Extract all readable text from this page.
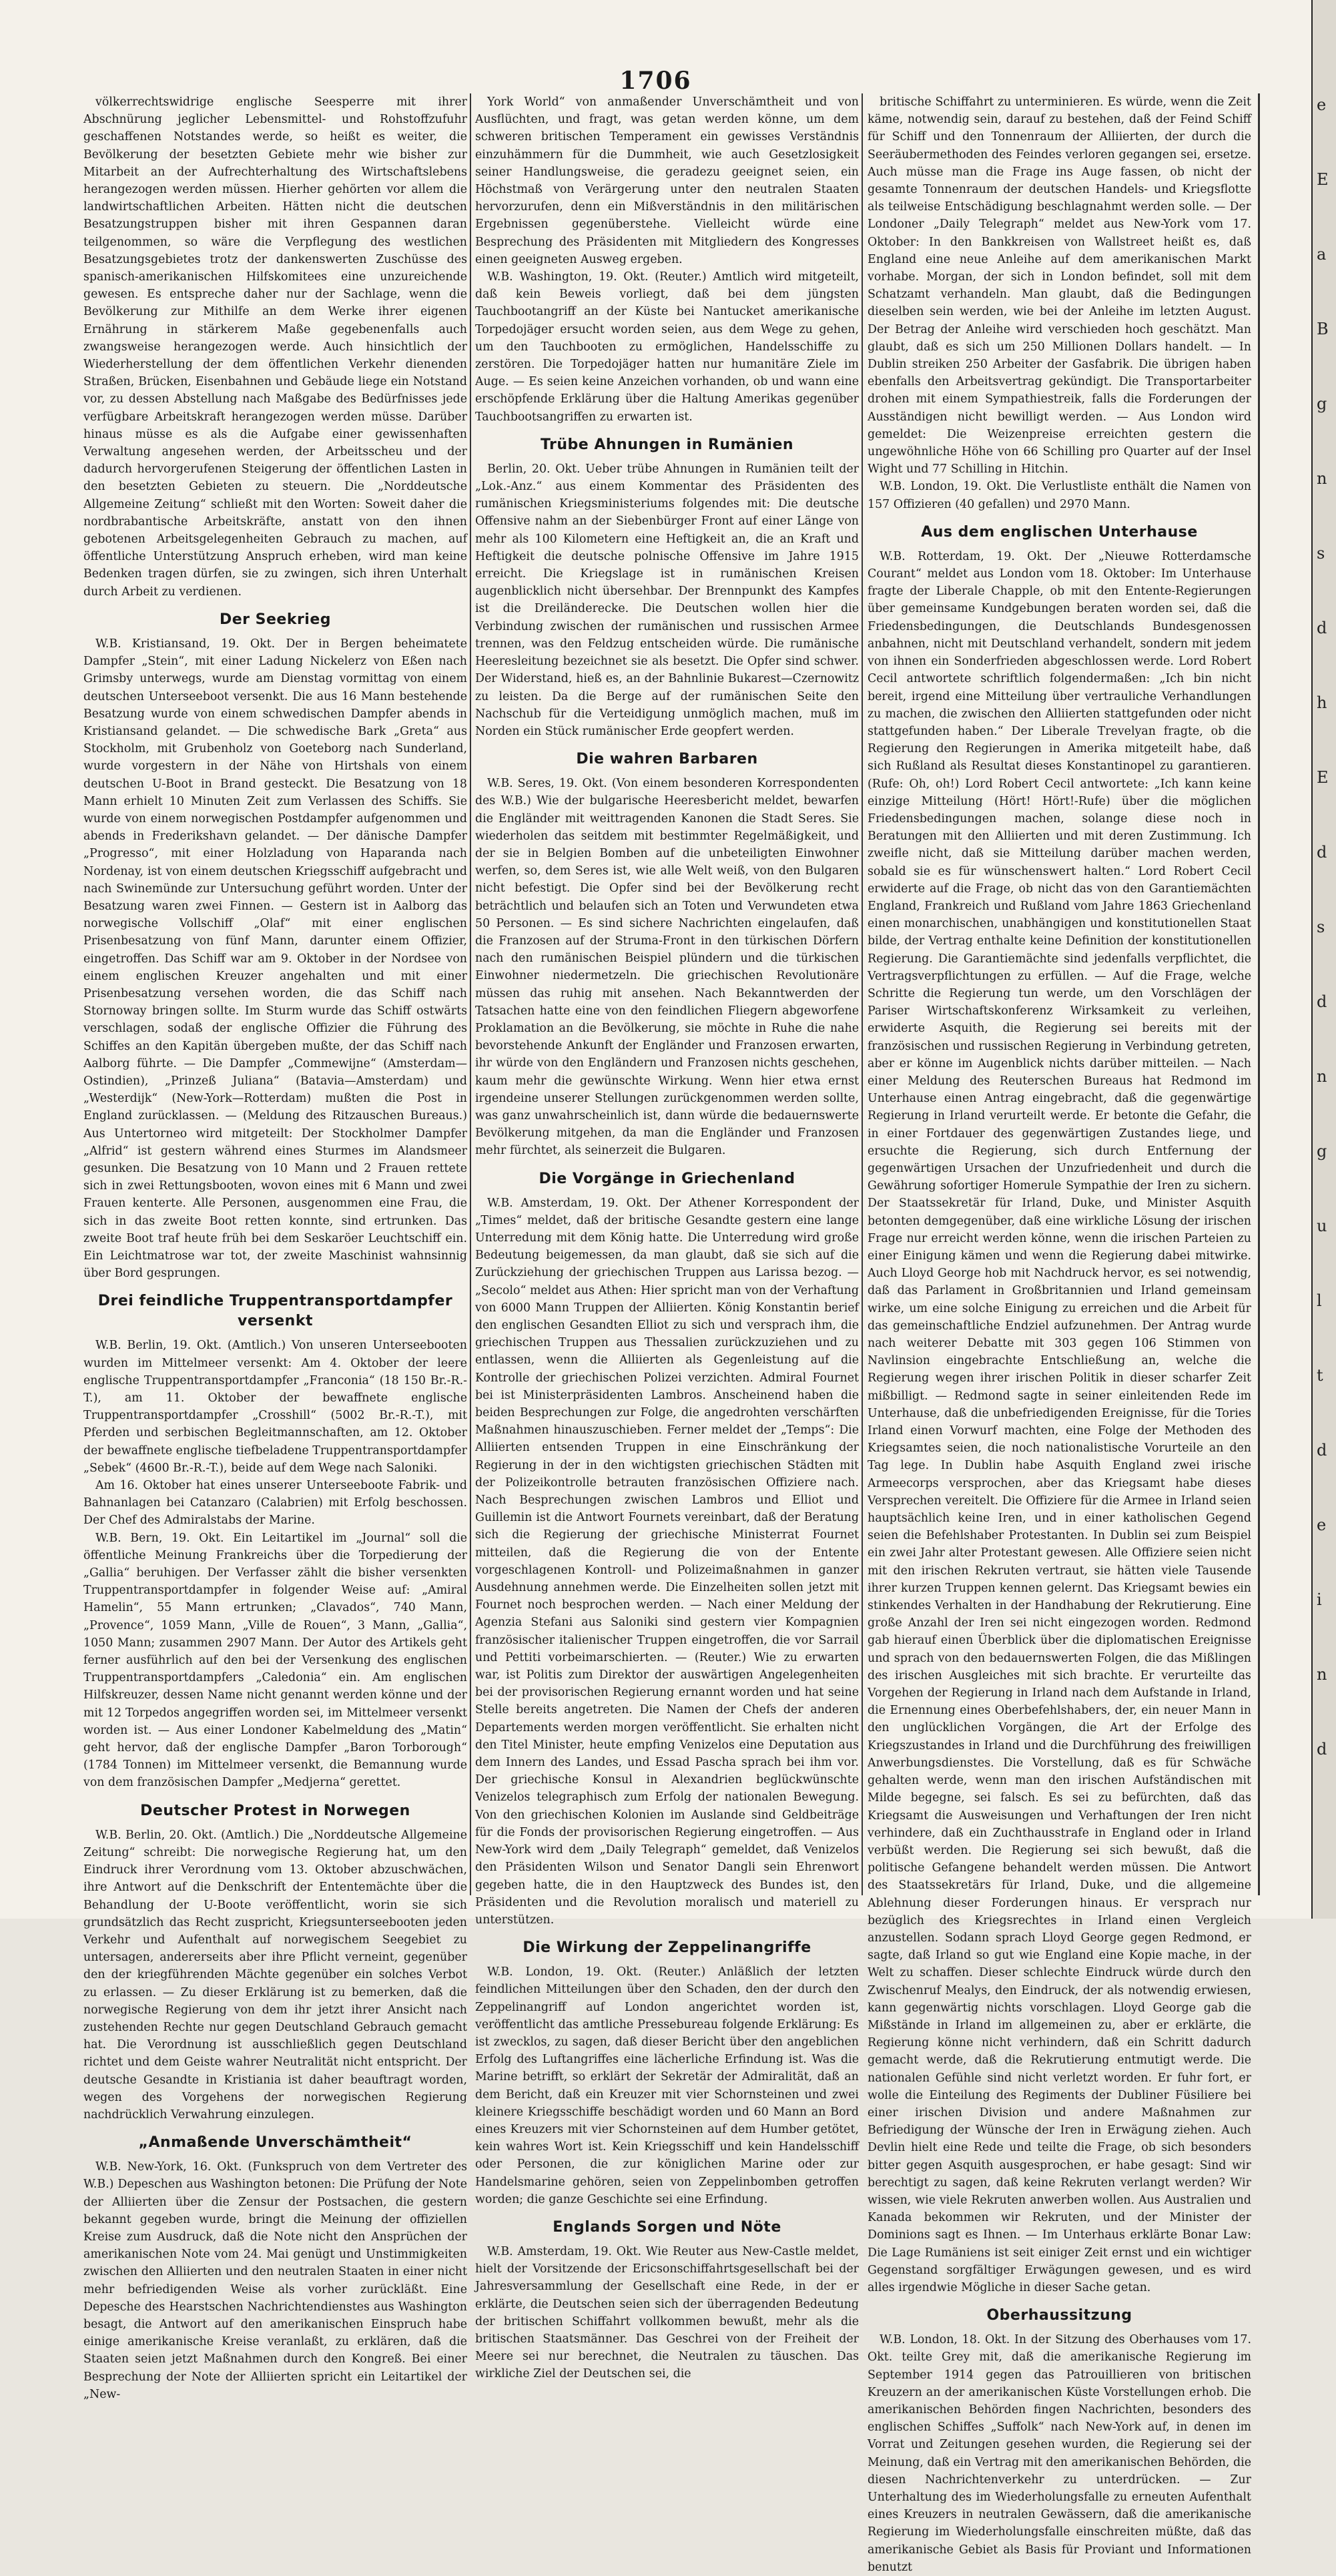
1706

völkerrechtswidrige englische Seesperre mit ihrer Abschnürung jeglicher Lebensmittel- und Rohstoffzufuhr geschaffenen Notstandes werde, so heißt es weiter, die Bevölkerung der besetzten Gebiete mehr wie bisher zur Mitarbeit an der Aufrechterhaltung des Wirtschaftslebens herangezogen werden müssen. Hierher gehörten vor allem die landwirtschaftlichen Arbeiten. Hätten nicht die deutschen Besatzungstruppen bisher mit ihren Gespannen daran teilgenommen, so wäre die Verpflegung des westlichen Besatzungsgebietes trotz der dankenswerten Zuschüsse des spanisch-amerikanischen Hilfskomitees eine unzureichende gewesen. Es entspreche daher nur der Sachlage, wenn die Bevölkerung zur Mithilfe an dem Werke ihrer eigenen Ernährung in stärkerem Maße gegebenenfalls auch zwangsweise herangezogen werde. Auch hinsichtlich der Wiederherstellung der dem öffentlichen Verkehr dienenden Straßen, Brücken, Eisenbahnen und Gebäude liege ein Notstand vor, zu dessen Abstellung nach Maßgabe des Bedürfnisses jede verfügbare Arbeitskraft herangezogen werden müsse. Darüber hinaus müsse es als die Aufgabe einer gewissenhaften Verwaltung angesehen werden, der Arbeitsscheu und der dadurch hervorgerufenen Steigerung der öffentlichen Lasten in den besetzten Gebieten zu steuern. Die „Norddeutsche Allgemeine Zeitung“ schließt mit den Worten: Soweit daher die nordbrabantische Arbeitskräfte, anstatt von den ihnen gebotenen Arbeitsgelegenheiten Gebrauch zu machen, auf öffentliche Unterstützung Anspruch erheben, wird man keine Bedenken tragen dürfen, sie zu zwingen, sich ihren Unterhalt durch Arbeit zu verdienen.

Der Seekrieg

W.B. Kristiansand, 19. Okt. Der in Bergen beheimatete Dampfer „Stein“, mit einer Ladung Nickelerz von Eßen nach Grimsby unterwegs, wurde am Dienstag vormittag von einem deutschen Unterseeboot versenkt. Die aus 16 Mann bestehende Besatzung wurde von einem schwedischen Dampfer abends in Kristiansand gelandet. — Die schwedische Bark „Greta“ aus Stockholm, mit Grubenholz von Goeteborg nach Sunderland, wurde vorgestern in der Nähe von Hirtshals von einem deutschen U-Boot in Brand gesteckt. Die Besatzung von 18 Mann erhielt 10 Minuten Zeit zum Verlassen des Schiffs. Sie wurde von einem norwegischen Postdampfer aufgenommen und abends in Frederikshavn gelandet. — Der dänische Dampfer „Progresso“, mit einer Holzladung von Haparanda nach Nordenay, ist von einem deutschen Kriegsschiff aufgebracht und nach Swinemünde zur Untersuchung geführt worden. Unter der Besatzung waren zwei Finnen. — Gestern ist in Aalborg das norwegische Vollschiff „Olaf“ mit einer englischen Prisenbesatzung von fünf Mann, darunter einem Offizier, eingetroffen. Das Schiff war am 9. Oktober in der Nordsee von einem englischen Kreuzer angehalten und mit einer Prisenbesatzung versehen worden, die das Schiff nach Stornoway bringen sollte. Im Sturm wurde das Schiff ostwärts verschlagen, sodaß der englische Offizier die Führung des Schiffes an den Kapitän übergeben mußte, der das Schiff nach Aalborg führte. — Die Dampfer „Commewijne“ (Amsterdam—Ostindien), „Prinzeß Juliana“ (Batavia—Amsterdam) und „Westerdijk“ (New-York—Rotterdam) mußten die Post in England zurücklassen. — (Meldung des Ritzauschen Bureaus.) Aus Untertorneo wird mitgeteilt: Der Stockholmer Dampfer „Alfrid“ ist gestern während eines Sturmes im Alandsmeer gesunken. Die Besatzung von 10 Mann und 2 Frauen rettete sich in zwei Rettungsbooten, wovon eines mit 6 Mann und zwei Frauen kenterte. Alle Personen, ausgenommen eine Frau, die sich in das zweite Boot retten konnte, sind ertrunken. Das zweite Boot traf heute früh bei dem Seskaröer Leuchtschiff ein. Ein Leichtmatrose war tot, der zweite Maschinist wahnsinnig über Bord gesprungen.

Drei feindliche Truppentransportdampfer versenkt

W.B. Berlin, 19. Okt. (Amtlich.) Von unseren Unterseebooten wurden im Mittelmeer versenkt: Am 4. Oktober der leere englische Truppentransportdampfer „Franconia“ (18 150 Br.-R.-T.), am 11. Oktober der bewaffnete englische Truppentransportdampfer „Crosshill“ (5002 Br.-R.-T.), mit Pferden und serbischen Begleitmannschaften, am 12. Oktober der bewaffnete englische tiefbeladene Truppentransportdampfer „Sebek“ (4600 Br.-R.-T.), beide auf dem Wege nach Saloniki.

Am 16. Oktober hat eines unserer Unterseeboote Fabrik- und Bahnanlagen bei Catanzaro (Calabrien) mit Erfolg beschossen. Der Chef des Admiralstabs der Marine.

W.B. Bern, 19. Okt. Ein Leitartikel im „Journal“ soll die öffentliche Meinung Frankreichs über die Torpedierung der „Gallia“ beruhigen. Der Verfasser zählt die bisher versenkten Truppentransportdampfer in folgender Weise auf: „Amiral Hamelin“, 55 Mann ertrunken; „Clavados“, 740 Mann, „Provence“, 1059 Mann, „Ville de Rouen“, 3 Mann, „Gallia“, 1050 Mann; zusammen 2907 Mann. Der Autor des Artikels geht ferner ausführlich auf den bei der Versenkung des englischen Truppentransportdampfers „Caledonia“ ein. Am englischen Hilfskreuzer, dessen Name nicht genannt werden könne und der mit 12 Torpedos angegriffen worden sei, im Mittelmeer versenkt worden ist. — Aus einer Londoner Kabelmeldung des „Matin“ geht hervor, daß der englische Dampfer „Baron Torborough“ (1784 Tonnen) im Mittelmeer versenkt, die Bemannung wurde von dem französischen Dampfer „Medjerna“ gerettet.

Deutscher Protest in Norwegen

W.B. Berlin, 20. Okt. (Amtlich.) Die „Norddeutsche Allgemeine Zeitung“ schreibt: Die norwegische Regierung hat, um den Eindruck ihrer Verordnung vom 13. Oktober abzuschwächen, ihre Antwort auf die Denkschrift der Ententemächte über die Behandlung der U-Boote veröffentlicht, worin sie sich grundsätzlich das Recht zuspricht, Kriegsunterseebooten jeden Verkehr und Aufenthalt auf norwegischem Seegebiet zu untersagen, andererseits aber ihre Pflicht verneint, gegenüber den der kriegführenden Mächte gegenüber ein solches Verbot zu erlassen. — Zu dieser Erklärung ist zu bemerken, daß die norwegische Regierung von dem ihr jetzt ihrer Ansicht nach zustehenden Rechte nur gegen Deutschland Gebrauch gemacht hat. Die Verordnung ist ausschließlich gegen Deutschland richtet und dem Geiste wahrer Neutralität nicht entspricht. Der deutsche Gesandte in Kristiania ist daher beauftragt worden, wegen des Vorgehens der norwegischen Regierung nachdrücklich Verwahrung einzulegen.

„Anmaßende Unverschämtheit“

W.B. New-York, 16. Okt. (Funkspruch von dem Vertreter des W.B.) Depeschen aus Washington betonen: Die Prüfung der Note der Alliierten über die Zensur der Postsachen, die gestern bekannt gegeben wurde, bringt die Meinung der offiziellen Kreise zum Ausdruck, daß die Note nicht den Ansprüchen der amerikanischen Note vom 24. Mai genügt und Unstimmigkeiten zwischen den Alliierten und den neutralen Staaten in einer nicht mehr befriedigenden Weise als vorher zurückläßt. Eine Depesche des Hearstschen Nachrichtendienstes aus Washington besagt, die Antwort auf den amerikanischen Einspruch habe einige amerikanische Kreise veranlaßt, zu erklären, daß die Staaten seien jetzt Maßnahmen durch den Kongreß. Bei einer Besprechung der Note der Alliierten spricht ein Leitartikel der „New-

York World“ von anmaßender Unverschämtheit und von Ausflüchten, und fragt, was getan werden könne, um dem schweren britischen Temperament ein gewisses Verständnis einzuhämmern für die Dummheit, wie auch Gesetzlosigkeit seiner Handlungsweise, die geradezu geeignet seien, ein Höchstmaß von Verärgerung unter den neutralen Staaten hervorzurufen, denn ein Mißverständnis in den militärischen Ergebnissen gegenüberstehe. Vielleicht würde eine Besprechung des Präsidenten mit Mitgliedern des Kongresses einen geeigneten Ausweg ergeben.

W.B. Washington, 19. Okt. (Reuter.) Amtlich wird mitgeteilt, daß kein Beweis vorliegt, daß bei dem jüngsten Tauchbootangriff an der Küste bei Nantucket amerikanische Torpedojäger ersucht worden seien, aus dem Wege zu gehen, um den Tauchbooten zu ermöglichen, Handelsschiffe zu zerstören. Die Torpedojäger hatten nur humanitäre Ziele im Auge. — Es seien keine Anzeichen vorhanden, ob und wann eine erschöpfende Erklärung über die Haltung Amerikas gegenüber Tauchbootsangriffen zu erwarten ist.

Trübe Ahnungen in Rumänien

Berlin, 20. Okt. Ueber trübe Ahnungen in Rumänien teilt der „Lok.-Anz.“ aus einem Kommentar des Präsidenten des rumänischen Kriegsministeriums folgendes mit: Die deutsche Offensive nahm an der Siebenbürger Front auf einer Länge von mehr als 100 Kilometern eine Heftigkeit an, die an Kraft und Heftigkeit die deutsche polnische Offensive im Jahre 1915 erreicht. Die Kriegslage ist in rumänischen Kreisen augenblicklich nicht übersehbar. Der Brennpunkt des Kampfes ist die Dreiländerecke. Die Deutschen wollen hier die Verbindung zwischen der rumänischen und russischen Armee trennen, was den Feldzug entscheiden würde. Die rumänische Heeresleitung bezeichnet sie als besetzt. Die Opfer sind schwer. Der Widerstand, hieß es, an der Bahnlinie Bukarest—Czernowitz zu leisten. Da die Berge auf der rumänischen Seite den Nachschub für die Verteidigung unmöglich machen, muß im Norden ein Stück rumänischer Erde geopfert werden.

Die wahren Barbaren

W.B. Seres, 19. Okt. (Von einem besonderen Korrespondenten des W.B.) Wie der bulgarische Heeresbericht meldet, bewarfen die Engländer mit weittragenden Kanonen die Stadt Seres. Sie wiederholen das seitdem mit bestimmter Regelmäßigkeit, und der sie in Belgien Bomben auf die unbeteiligten Einwohner werfen, so, dem Seres ist, wie alle Welt weiß, von den Bulgaren nicht befestigt. Die Opfer sind bei der Bevölkerung recht beträchtlich und belaufen sich an Toten und Verwundeten etwa 50 Personen. — Es sind sichere Nachrichten eingelaufen, daß die Franzosen auf der Struma-Front in den türkischen Dörfern nach den rumänischen Beispiel plündern und die türkischen Einwohner niedermetzeln. Die griechischen Revolutionäre müssen das ruhig mit ansehen. Nach Bekanntwerden der Tatsachen hatte eine von den feindlichen Fliegern abgeworfene Proklamation an die Bevölkerung, sie möchte in Ruhe die nahe bevorstehende Ankunft der Engländer und Franzosen erwarten, ihr würde von den Engländern und Franzosen nichts geschehen, kaum mehr die gewünschte Wirkung. Wenn hier etwa ernst irgendeine unserer Stellungen zurückgenommen werden sollte, was ganz unwahrscheinlich ist, dann würde die bedauernswerte Bevölkerung mitgehen, da man die Engländer und Franzosen mehr fürchtet, als seinerzeit die Bulgaren.

Die Vorgänge in Griechenland

W.B. Amsterdam, 19. Okt. Der Athener Korrespondent der „Times“ meldet, daß der britische Gesandte gestern eine lange Unterredung mit dem König hatte. Die Unterredung wird große Bedeutung beigemessen, da man glaubt, daß sie sich auf die Zurückziehung der griechischen Truppen aus Larissa bezog. — „Secolo“ meldet aus Athen: Hier spricht man von der Verhaftung von 6000 Mann Truppen der Alliierten. König Konstantin berief den englischen Gesandten Elliot zu sich und versprach ihm, die griechischen Truppen aus Thessalien zurückzuziehen und zu entlassen, wenn die Alliierten als Gegenleistung auf die Kontrolle der griechischen Polizei verzichten. Admiral Fournet bei ist Ministerpräsidenten Lambros. Anscheinend haben die beiden Besprechungen zur Folge, die angedrohten verschärften Maßnahmen hinauszuschieben. Ferner meldet der „Temps“: Die Alliierten entsenden Truppen in eine Einschränkung der Regierung in der in den wichtigsten griechischen Städten mit der Polizeikontrolle betrauten französischen Offiziere nach. Nach Besprechungen zwischen Lambros und Elliot und Guillemin ist die Antwort Fournets vereinbart, daß der Beratung sich die Regierung der griechische Ministerrat Fournet mitteilen, daß die Regierung die von der Entente vorgeschlagenen Kontroll- und Polizeimaßnahmen in ganzer Ausdehnung annehmen werde. Die Einzelheiten sollen jetzt mit Fournet noch besprochen werden. — Nach einer Meldung der Agenzia Stefani aus Saloniki sind gestern vier Kompagnien französischer italienischer Truppen eingetroffen, die vor Sarrail und Pettiti vorbeimarschierten. — (Reuter.) Wie zu erwarten war, ist Politis zum Direktor der auswärtigen Angelegenheiten bei der provisorischen Regierung ernannt worden und hat seine Stelle bereits angetreten. Die Namen der Chefs der anderen Departements werden morgen veröffentlicht. Sie erhalten nicht den Titel Minister, heute empfing Venizelos eine Deputation aus dem Innern des Landes, und Essad Pascha sprach bei ihm vor. Der griechische Konsul in Alexandrien beglückwünschte Venizelos telegraphisch zum Erfolg der nationalen Bewegung. Von den griechischen Kolonien im Auslande sind Geldbeiträge für die Fonds der provisorischen Regierung eingetroffen. — Aus New-York wird dem „Daily Telegraph“ gemeldet, daß Venizelos den Präsidenten Wilson und Senator Dangli sein Ehrenwort gegeben hatte, die in den Hauptzweck des Bundes ist, den Präsidenten und die Revolution moralisch und materiell zu unterstützen.

Die Wirkung der Zeppelinangriffe

W.B. London, 19. Okt. (Reuter.) Anläßlich der letzten feindlichen Mitteilungen über den Schaden, den der durch den Zeppelinangriff auf London angerichtet worden ist, veröffentlicht das amtliche Pressebureau folgende Erklärung: Es ist zwecklos, zu sagen, daß dieser Bericht über den angeblichen Erfolg des Luftangriffes eine lächerliche Erfindung ist. Was die Marine betrifft, so erklärt der Sekretär der Admiralität, daß an dem Bericht, daß ein Kreuzer mit vier Schornsteinen und zwei kleinere Kriegsschiffe beschädigt worden und 60 Mann an Bord eines Kreuzers mit vier Schornsteinen auf dem Humber getötet, kein wahres Wort ist. Kein Kriegsschiff und kein Handelsschiff oder Personen, die zur königlichen Marine oder zur Handelsmarine gehören, seien von Zeppelinbomben getroffen worden; die ganze Geschichte sei eine Erfindung.

Englands Sorgen und Nöte

W.B. Amsterdam, 19. Okt. Wie Reuter aus New-Castle meldet, hielt der Vorsitzende der Ericsonschiffahrtsgesellschaft bei der Jahresversammlung der Gesellschaft eine Rede, in der er erklärte, die Deutschen seien sich der überragenden Bedeutung der britischen Schiffahrt vollkommen bewußt, mehr als die britischen Staatsmänner. Das Geschrei von der Freiheit der Meere sei nur berechnet, die Neutralen zu täuschen. Das wirkliche Ziel der Deutschen sei, die

britische Schiffahrt zu unterminieren. Es würde, wenn die Zeit käme, notwendig sein, darauf zu bestehen, daß der Feind Schiff für Schiff und den Tonnenraum der Alliierten, der durch die Seeräubermethoden des Feindes verloren gegangen sei, ersetze. Auch müsse man die Frage ins Auge fassen, ob nicht der gesamte Tonnenraum der deutschen Handels- und Kriegsflotte als teilweise Entschädigung beschlagnahmt werden solle. — Der Londoner „Daily Telegraph“ meldet aus New-York vom 17. Oktober: In den Bankkreisen von Wallstreet heißt es, daß England eine neue Anleihe auf dem amerikanischen Markt vorhabe. Morgan, der sich in London befindet, soll mit dem Schatzamt verhandeln. Man glaubt, daß die Bedingungen dieselben sein werden, wie bei der Anleihe im letzten August. Der Betrag der Anleihe wird verschieden hoch geschätzt. Man glaubt, daß es sich um 250 Millionen Dollars handelt. — In Dublin streiken 250 Arbeiter der Gasfabrik. Die übrigen haben ebenfalls den Arbeitsvertrag gekündigt. Die Transportarbeiter drohen mit einem Sympathiestreik, falls die Forderungen der Ausständigen nicht bewilligt werden. — Aus London wird gemeldet: Die Weizenpreise erreichten gestern die ungewöhnliche Höhe von 66 Schilling pro Quarter auf der Insel Wight und 77 Schilling in Hitchin.

W.B. London, 19. Okt. Die Verlustliste enthält die Namen von 157 Offizieren (40 gefallen) und 2970 Mann.

Aus dem englischen Unterhause

W.B. Rotterdam, 19. Okt. Der „Nieuwe Rotterdamsche Courant“ meldet aus London vom 18. Oktober: Im Unterhause fragte der Liberale Chapple, ob mit den Entente-Regierungen über gemeinsame Kundgebungen beraten worden sei, daß die Friedensbedingungen, die Deutschlands Bundesgenossen anbahnen, nicht mit Deutschland verhandelt, sondern mit jedem von ihnen ein Sonderfrieden abgeschlossen werde. Lord Robert Cecil antwortete schriftlich folgendermaßen: „Ich bin nicht bereit, irgend eine Mitteilung über vertrauliche Verhandlungen zu machen, die zwischen den Alliierten stattgefunden oder nicht stattgefunden haben.“ Der Liberale Trevelyan fragte, ob die Regierung den Regierungen in Amerika mitgeteilt habe, daß sich Rußland als Resultat dieses Konstantinopel zu garantieren. (Rufe: Oh, oh!) Lord Robert Cecil antwortete: „Ich kann keine einzige Mitteilung (Hört! Hört!-Rufe) über die möglichen Friedensbedingungen machen, solange diese noch in Beratungen mit den Alliierten und mit deren Zustimmung. Ich zweifle nicht, daß sie Mitteilung darüber machen werden, sobald sie es für wünschenswert halten.“ Lord Robert Cecil erwiderte auf die Frage, ob nicht das von den Garantiemächten England, Frankreich und Rußland vom Jahre 1863 Griechenland einen monarchischen, unabhängigen und konstitutionellen Staat bilde, der Vertrag enthalte keine Definition der konstitutionellen Regierung. Die Garantiemächte sind jedenfalls verpflichtet, die Vertragsverpflichtungen zu erfüllen. — Auf die Frage, welche Schritte die Regierung tun werde, um den Vorschlägen der Pariser Wirtschaftskonferenz Wirksamkeit zu verleihen, erwiderte Asquith, die Regierung sei bereits mit der französischen und russischen Regierung in Verbindung getreten, aber er könne im Augenblick nichts darüber mitteilen. — Nach einer Meldung des Reuterschen Bureaus hat Redmond im Unterhause einen Antrag eingebracht, daß die gegenwärtige Regierung in Irland verurteilt werde. Er betonte die Gefahr, die in einer Fortdauer des gegenwärtigen Zustandes liege, und ersuchte die Regierung, sich durch Entfernung der gegenwärtigen Ursachen der Unzufriedenheit und durch die Gewährung sofortiger Homerule Sympathie der Iren zu sichern. Der Staatssekretär für Irland, Duke, und Minister Asquith betonten demgegenüber, daß eine wirkliche Lösung der irischen Frage nur erreicht werden könne, wenn die irischen Parteien zu einer Einigung kämen und wenn die Regierung dabei mitwirke. Auch Lloyd George hob mit Nachdruck hervor, es sei notwendig, daß das Parlament in Großbritannien und Irland gemeinsam wirke, um eine solche Einigung zu erreichen und die Arbeit für das gemeinschaftliche Endziel aufzunehmen. Der Antrag wurde nach weiterer Debatte mit 303 gegen 106 Stimmen von Navlinsion eingebrachte Entschließung an, welche die Regierung wegen ihrer irischen Politik in dieser scharfer Zeit mißbilligt. — Redmond sagte in seiner einleitenden Rede im Unterhause, daß die unbefriedigenden Ereignisse, für die Tories Irland einen Vorwurf machten, eine Folge der Methoden des Kriegsamtes seien, die noch nationalistische Vorurteile an den Tag lege. In Dublin habe Asquith England zwei irische Armeecorps versprochen, aber das Kriegsamt habe dieses Versprechen vereitelt. Die Offiziere für die Armee in Irland seien hauptsächlich keine Iren, und in einer katholischen Gegend seien die Befehlshaber Protestanten. In Dublin sei zum Beispiel ein zwei Jahr alter Protestant gewesen. Alle Offiziere seien nicht mit den irischen Rekruten vertraut, sie hätten viele Tausende ihrer kurzen Truppen kennen gelernt. Das Kriegsamt bewies ein stinkendes Verhalten in der Handhabung der Rekrutierung. Eine große Anzahl der Iren sei nicht eingezogen worden. Redmond gab hierauf einen Überblick über die diplomatischen Ereignisse und sprach von den bedauernswerten Folgen, die das Mißlingen des irischen Ausgleiches mit sich brachte. Er verurteilte das Vorgehen der Regierung in Irland nach dem Aufstande in Irland, die Ernennung eines Oberbefehlshabers, der, ein neuer Mann in den unglücklichen Vorgängen, die Art der Erfolge des Kriegszustandes in Irland und die Durchführung des freiwilligen Anwerbungsdienstes. Die Vorstellung, daß es für Schwäche gehalten werde, wenn man den irischen Aufständischen mit Milde begegne, sei falsch. Es sei zu befürchten, daß das Kriegsamt die Ausweisungen und Verhaftungen der Iren nicht verhindere, daß ein Zuchthausstrafe in England oder in Irland verbüßt werden. Die Regierung sei sich bewußt, daß die politische Gefangene behandelt werden müssen. Die Antwort des Staatssekretärs für Irland, Duke, und die allgemeine Ablehnung dieser Forderungen hinaus. Er versprach nur bezüglich des Kriegsrechtes in Irland einen Vergleich anzustellen. Sodann sprach Lloyd George gegen Redmond, er sagte, daß Irland so gut wie England eine Kopie mache, in der Welt zu schaffen. Dieser schlechte Eindruck würde durch den Zwischenruf Mealys, den Eindruck, der als notwendig erwiesen, kann gegenwärtig nichts vorschlagen. Lloyd George gab die Mißstände in Irland im allgemeinen zu, aber er erklärte, die Regierung könne nicht verhindern, daß ein Schritt dadurch gemacht werde, daß die Rekrutierung entmutigt werde. Die nationalen Gefühle sind nicht verletzt worden. Er fuhr fort, er wolle die Einteilung des Regiments der Dubliner Füsiliere bei einer irischen Division und andere Maßnahmen zur Befriedigung der Wünsche der Iren in Erwägung ziehen. Auch Devlin hielt eine Rede und teilte die Frage, ob sich besonders bitter gegen Asquith ausgesprochen, er habe gesagt: Sind wir berechtigt zu sagen, daß keine Rekruten verlangt werden? Wir wissen, wie viele Rekruten anwerben wollen. Aus Australien und Kanada bekommen wir Rekruten, und der Minister der Dominions sagt es Ihnen. — Im Unterhaus erklärte Bonar Law: Die Lage Rumäniens ist seit einiger Zeit ernst und ein wichtiger Gegenstand sorgfältiger Erwägungen gewesen, und es wird alles irgendwie Mögliche in dieser Sache getan.

Oberhaussitzung

W.B. London, 18. Okt. In der Sitzung des Oberhauses vom 17. Okt. teilte Grey mit, daß die amerikanische Regierung im September 1914 gegen das Patrouillieren von britischen Kreuzern an der amerikanischen Küste Vorstellungen erhob. Die amerikanischen Behörden fingen Nachrichten, besonders des englischen Schiffes „Suffolk“ nach New-York auf, in denen im Vorrat und Zeitungen gesehen wurden, die Regierung sei der Meinung, daß ein Vertrag mit den amerikanischen Behörden, die diesen Nachrichtenverkehr zu unterdrücken. — Zur Unterhaltung des im Wiederholungsfalle zu erneuten Aufenthalt eines Kreuzers in neutralen Gewässern, daß die amerikanische Regierung im Wiederholungsfalle einschreiten müßte, daß das amerikanische Gebiet als Basis für Proviant und Informationen benutzt

e
E
a
B
g
n
s
d
h
E
d
s
d
n
g
u
l
t
d
e
i
n
d
